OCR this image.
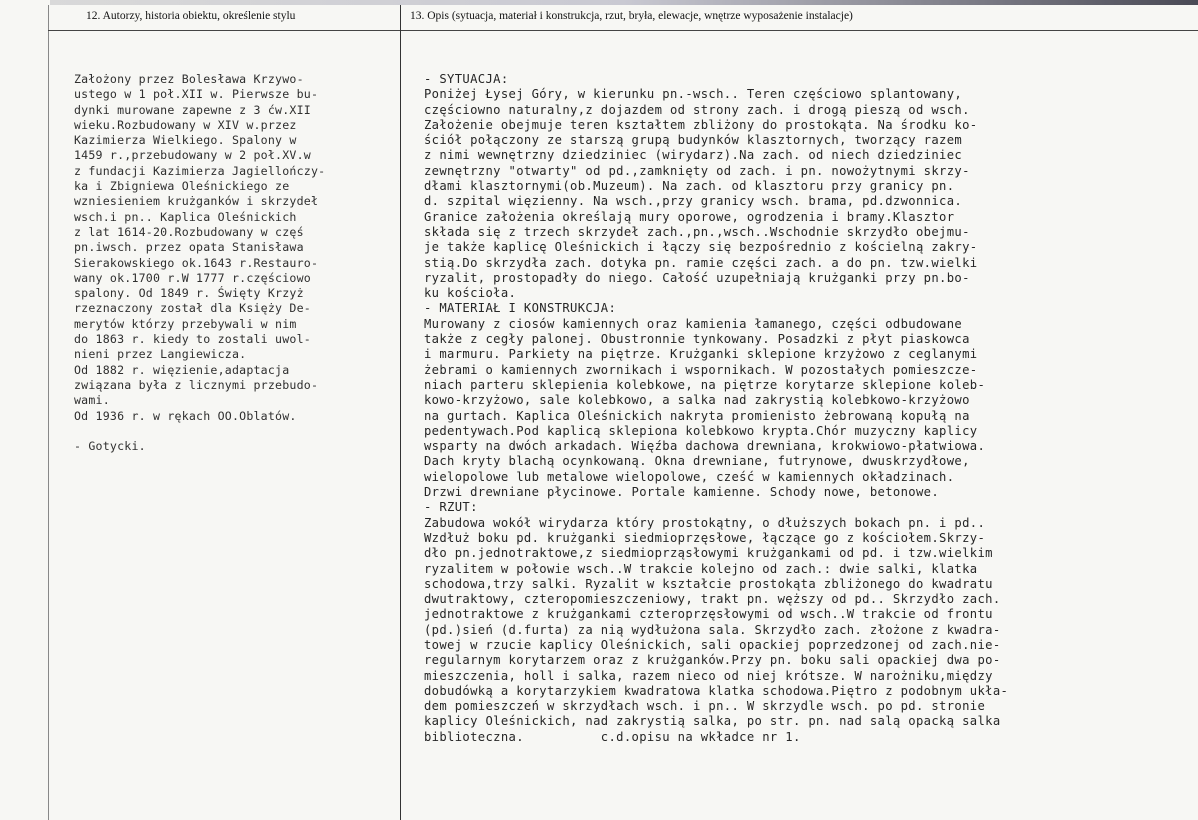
12. Autorzy, historia obiektu, określenie stylu	13. Opis (sytuacja, materiał i konstrukcja, rzut, bryła, elewacje, wnętrze wyposażenie instalacje)
Założony przez Bolesława Krzywo-
ustego w 1 poł.XII w. Pierwsze bu-
dynki murowane zapewne z 3 ćw.XII
wieku.Rozbudowany w XIV w.przez
Kazimierza Wielkiego. Spalony w
1459 r.,przebudowany w 2 poł.XV.w
z fundacji Kazimierza Jagiellończy-
ka i Zbigniewa Oleśnickiego ze
wzniesieniem krużganków i skrzydeł
wsch.i pn.. Kaplica Oleśnickich
z lat 1614-20.Rozbudowany w częś
pn.iwsch. przez opata Stanisława
Sierakowskiego ok.1643 r.Restauro-
wany ok.1700 r.W 1777 r.częściowo
spalony. Od 1849 r. Święty Krzyż
rzeznaczony został dla Księży De-
merytów którzy przebywali w nim
do 1863 r. kiedy to zostali uwol-
nieni przez Langiewicza.
Od 1882 r. więzienie,adaptacja
związana była z licznymi przebudo-
wami.
Od 1936 r. w rękach OO.Oblatów.
- Gotycki.
- SYTUACJA:
Poniżej Łysej Góry, w kierunku pn.-wsch.. Teren częściowo splantowany,
częściowno naturalny,z dojazdem od strony zach. i drogą pieszą od wsch.
Założenie obejmuje teren kształtem zbliżony do prostokąta. Na środku ko-
ściół połączony ze starszą grupą budynków klasztornych, tworzący razem
z nimi wewnętrzny dziedziniec (wirydarz).Na zach. od niech dziedziniec
zewnętrzny "otwarty" od pd.,zamknięty od zach. i pn. nowożytnymi skrzy-
dłami klasztornymi(ob.Muzeum). Na zach. od klasztoru przy granicy pn.
d. szpital więzienny. Na wsch.,przy granicy wsch. brama, pd.dzwonnica.
Granice założenia określają mury oporowe, ogrodzenia i bramy.Klasztor
składa się z trzech skrzydeł zach.,pn.,wsch..Wschodnie skrzydło obejmu-
je także kaplicę Oleśnickich i łączy się bezpośrednio z kościelną zakry-
stią.Do skrzydła zach. dotyka pn. ramie części zach. a do pn. tzw.wielki
ryzalit, prostopadły do niego. Całość uzupełniają krużganki przy pn.bo-
ku kościoła.
- MATERIAŁ I KONSTRUKCJA:
Murowany z ciosów kamiennych oraz kamienia łamanego, części odbudowane
także z cegły palonej. Obustronnie tynkowany. Posadzki z płyt piaskowca
i marmuru. Parkiety na piętrze. Krużganki sklepione krzyżowo z ceglanymi
żebrami o kamiennych zwornikach i wspornikach. W pozostałych pomieszcze-
niach parteru sklepienia kolebkowe, na piętrze korytarze sklepione koleb-
kowo-krzyżowo, sale kolebkowo, a salka nad zakrystią kolebkowo-krzyżowo
na gurtach. Kaplica Oleśnickich nakryta promienisto żebrowaną kopułą na
pedentywach.Pod kaplicą sklepiona kolebkowo krypta.Chór muzyczny kaplicy
wsparty na dwóch arkadach. Więźba dachowa drewniana, krokwiowo-płatwiowa.
Dach kryty blachą ocynkowaną. Okna drewniane, futrynowe, dwuskrzydłowe,
wielopolowe lub metalowe wielopolowe, cześć w kamiennych okładzinach.
Drzwi drewniane płycinowe. Portale kamienne. Schody nowe, betonowe.
- RZUT:
Zabudowa wokół wirydarza który prostokątny, o dłuższych bokach pn. i pd..
Wzdłuż boku pd. krużganki siedmioprzęsłowe, łączące go z kościołem.Skrzy-
dło pn.jednotraktowe,z siedmioprząsłowymi krużgankami od pd. i tzw.wielkim
ryzalitem w połowie wsch..W trakcie kolejno od zach.: dwie salki, klatka
schodowa,trzy salki. Ryzalit w kształcie prostokąta zbliżonego do kwadratu
dwutraktowy, czteropomieszczeniowy, trakt pn. węższy od pd.. Skrzydło zach.
jednotraktowe z krużgankami czteroprzęsłowymi od wsch..W trakcie od frontu
(pd.)sień (d.furta) za nią wydłużona sala. Skrzydło zach. złożone z kwadra-
towej w rzucie kaplicy Oleśnickich, sali opackiej poprzedzonej od zach.nie-
regularnym korytarzem oraz z krużganków.Przy pn. boku sali opackiej dwa po-
mieszczenia, holl i salka, razem nieco od niej krótsze. W narożniku,między
dobudówką a korytarzykiem kwadratowa klatka schodowa.Piętro z podobnym ukła-
dem pomieszczeń w skrzydłach wsch. i pn.. W skrzydle wsch. po pd. stronie
kaplicy Oleśnickich, nad zakrystią salka, po str. pn. nad salą opacką salka
biblioteczna.          c.d.opisu na wkładce nr 1.
